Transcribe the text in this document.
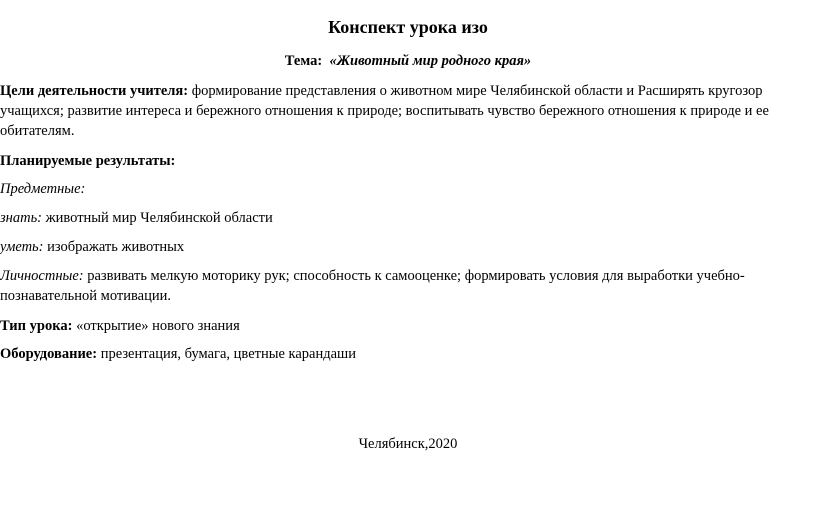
Конспект урока изо
Тема:  «Животный мир родного края»
Цели деятельности учителя: формирование представления о животном мире Челябинской области и Расширять кругозор учащихся; развитие интереса и бережного отношения к природе; воспитывать чувство бережного отношения к природе и ее обитателям.
Планируемые результаты:
Предметные:
знать: животный мир Челябинской области
уметь: изображать животных
Личностные: развивать мелкую моторику рук; способность к самооценке; формировать условия для выработки учебно-познавательной мотивации.
Тип урока: «открытие» нового знания
Оборудование: презентация, бумага, цветные карандаши
Челябинск,2020
